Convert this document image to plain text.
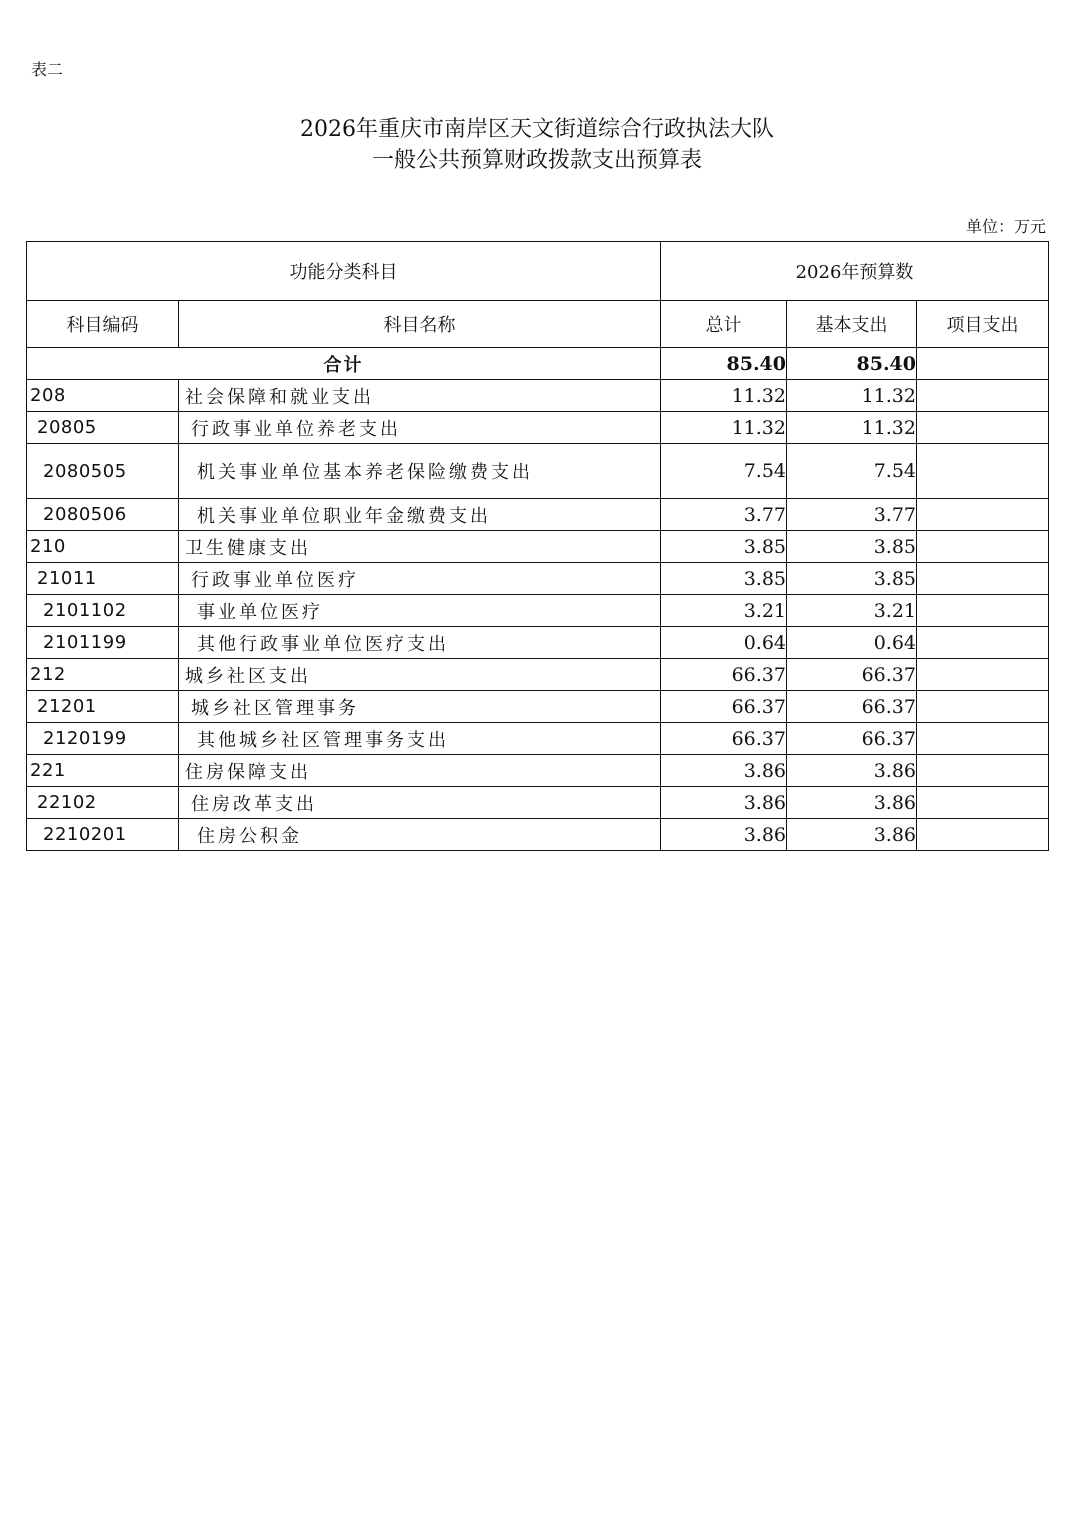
表二
2026年重庆市南岸区天文街道综合行政执法大队
一般公共预算财政拨款支出预算表
单位：万元
功能分类科目		2026年预算数		
科目编码	科目名称	总计	基本支出	项目支出
合计		85.40	85.40	
208	社会保障和就业支出	11.32	11.32	
20805	行政事业单位养老支出	11.32	11.32	
2080505	机关事业单位基本养老保险缴费支出	7.54	7.54	
2080506	机关事业单位职业年金缴费支出	3.77	3.77	
210	卫生健康支出	3.85	3.85	
21011	行政事业单位医疗	3.85	3.85	
2101102	事业单位医疗	3.21	3.21	
2101199	其他行政事业单位医疗支出	0.64	0.64	
212	城乡社区支出	66.37	66.37	
21201	城乡社区管理事务	66.37	66.37	
2120199	其他城乡社区管理事务支出	66.37	66.37	
221	住房保障支出	3.86	3.86	
22102	住房改革支出	3.86	3.86	
2210201	住房公积金	3.86	3.86	
